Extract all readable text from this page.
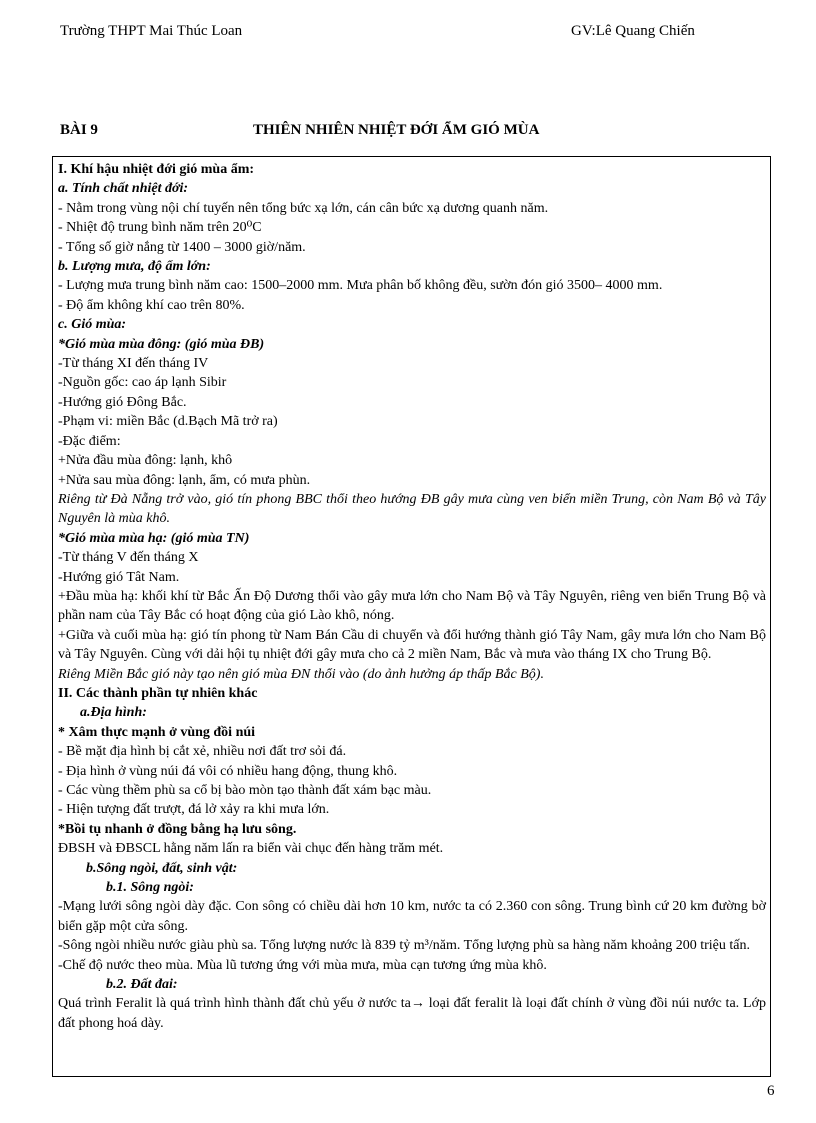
Trường THPT Mai Thúc Loan	GV:Lê Quang Chiến
BÀI 9	THIÊN NHIÊN NHIỆT ĐỚI ẨM GIÓ MÙA

I. Khí hậu nhiệt đới gió mùa ẩm:

a. Tính chất nhiệt đới:

- Nằm trong vùng nội chí tuyến nên tổng bức xạ lớn, cán cân bức xạ dương quanh năm.

- Nhiệt độ trung bình năm trên 20⁰C

- Tổng số giờ nắng từ 1400 – 3000 giờ/năm.

b. Lượng mưa, độ ẩm lớn:

- Lượng mưa trung bình năm cao: 1500–2000 mm. Mưa phân bố không đều, sườn đón gió 3500– 4000 mm.

- Độ ẩm không khí cao trên 80%.

c. Gió mùa:

*Gió mùa mùa đông: (gió mùa ĐB)

-Từ tháng XI đến tháng IV

-Nguồn gốc: cao áp lạnh Sibir

-Hướng gió Đông Bắc.

-Phạm vi: miền Bắc (d.Bạch Mã trở ra)

-Đặc điểm:

+Nửa đầu mùa đông: lạnh, khô

+Nửa sau mùa đông: lạnh, ẩm, có mưa phùn.

Riêng từ Đà Nẵng trở vào, gió tín phong BBC thổi theo hướng ĐB gây mưa cùng ven biển miền Trung, còn Nam Bộ và Tây Nguyên là mùa khô.

*Gió mùa mùa hạ: (gió mùa TN)

-Từ tháng V đến tháng X

-Hướng gió Tât Nam.

+Đầu mùa hạ: khối khí từ Bắc Ấn Độ Dương thổi vào gây mưa lớn cho Nam Bộ và Tây Nguyên, riêng ven biển Trung Bộ và phần nam của Tây Bắc có hoạt động của gió Lào khô, nóng.

+Giữa và cuối mùa hạ: gió tín phong từ Nam Bán Cầu di chuyển và đổi hướng thành gió Tây Nam, gây mưa lớn cho Nam Bộ và Tây Nguyên. Cùng với dải hội tụ nhiệt đới gây mưa cho cả 2 miền Nam, Bắc và mưa vào tháng IX cho Trung Bộ.

Riêng Miền Bắc gió này tạo nên gió mùa ĐN thổi vào (do ảnh hưởng áp thấp Bắc Bộ).

II. Các thành phần tự nhiên khác

a.Địa hình:

* Xâm thực mạnh ở vùng đồi núi

- Bề mặt địa hình bị cắt xẻ, nhiều nơi đất trơ sỏi đá.

- Địa hình ở vùng núi đá vôi có nhiều hang động, thung khô.

- Các vùng thềm phù sa cổ bị bào mòn tạo thành đất xám bạc màu.

- Hiện tượng đất trượt, đá lở xảy ra khi mưa lớn.

*Bồi tụ nhanh ở đồng bằng hạ lưu sông.

ĐBSH và ĐBSCL hằng năm lấn ra biển vài chục đến hàng trăm mét.

b.Sông ngòi, đất, sinh vật:

b.1. Sông ngòi:

-Mạng lưới sông ngòi dày đặc. Con sông có chiều dài hơn 10 km, nước ta có 2.360 con sông. Trung bình cứ 20 km đường bờ biển gặp một cửa sông.

-Sông ngòi nhiều nước giàu phù sa. Tổng lượng nước là 839 tỷ m³/năm. Tổng lượng phù sa hàng năm khoảng 200 triệu tấn.

-Chế độ nước theo mùa. Mùa lũ tương ứng với mùa mưa, mùa cạn tương ứng mùa khô.

b.2. Đất đai:

Quá trình Feralit là quá trình hình thành đất chủ yếu ở nước ta→ loại đất feralit là loại đất chính ở vùng đồi núi nước ta. Lớp đất phong hoá dày.

6
